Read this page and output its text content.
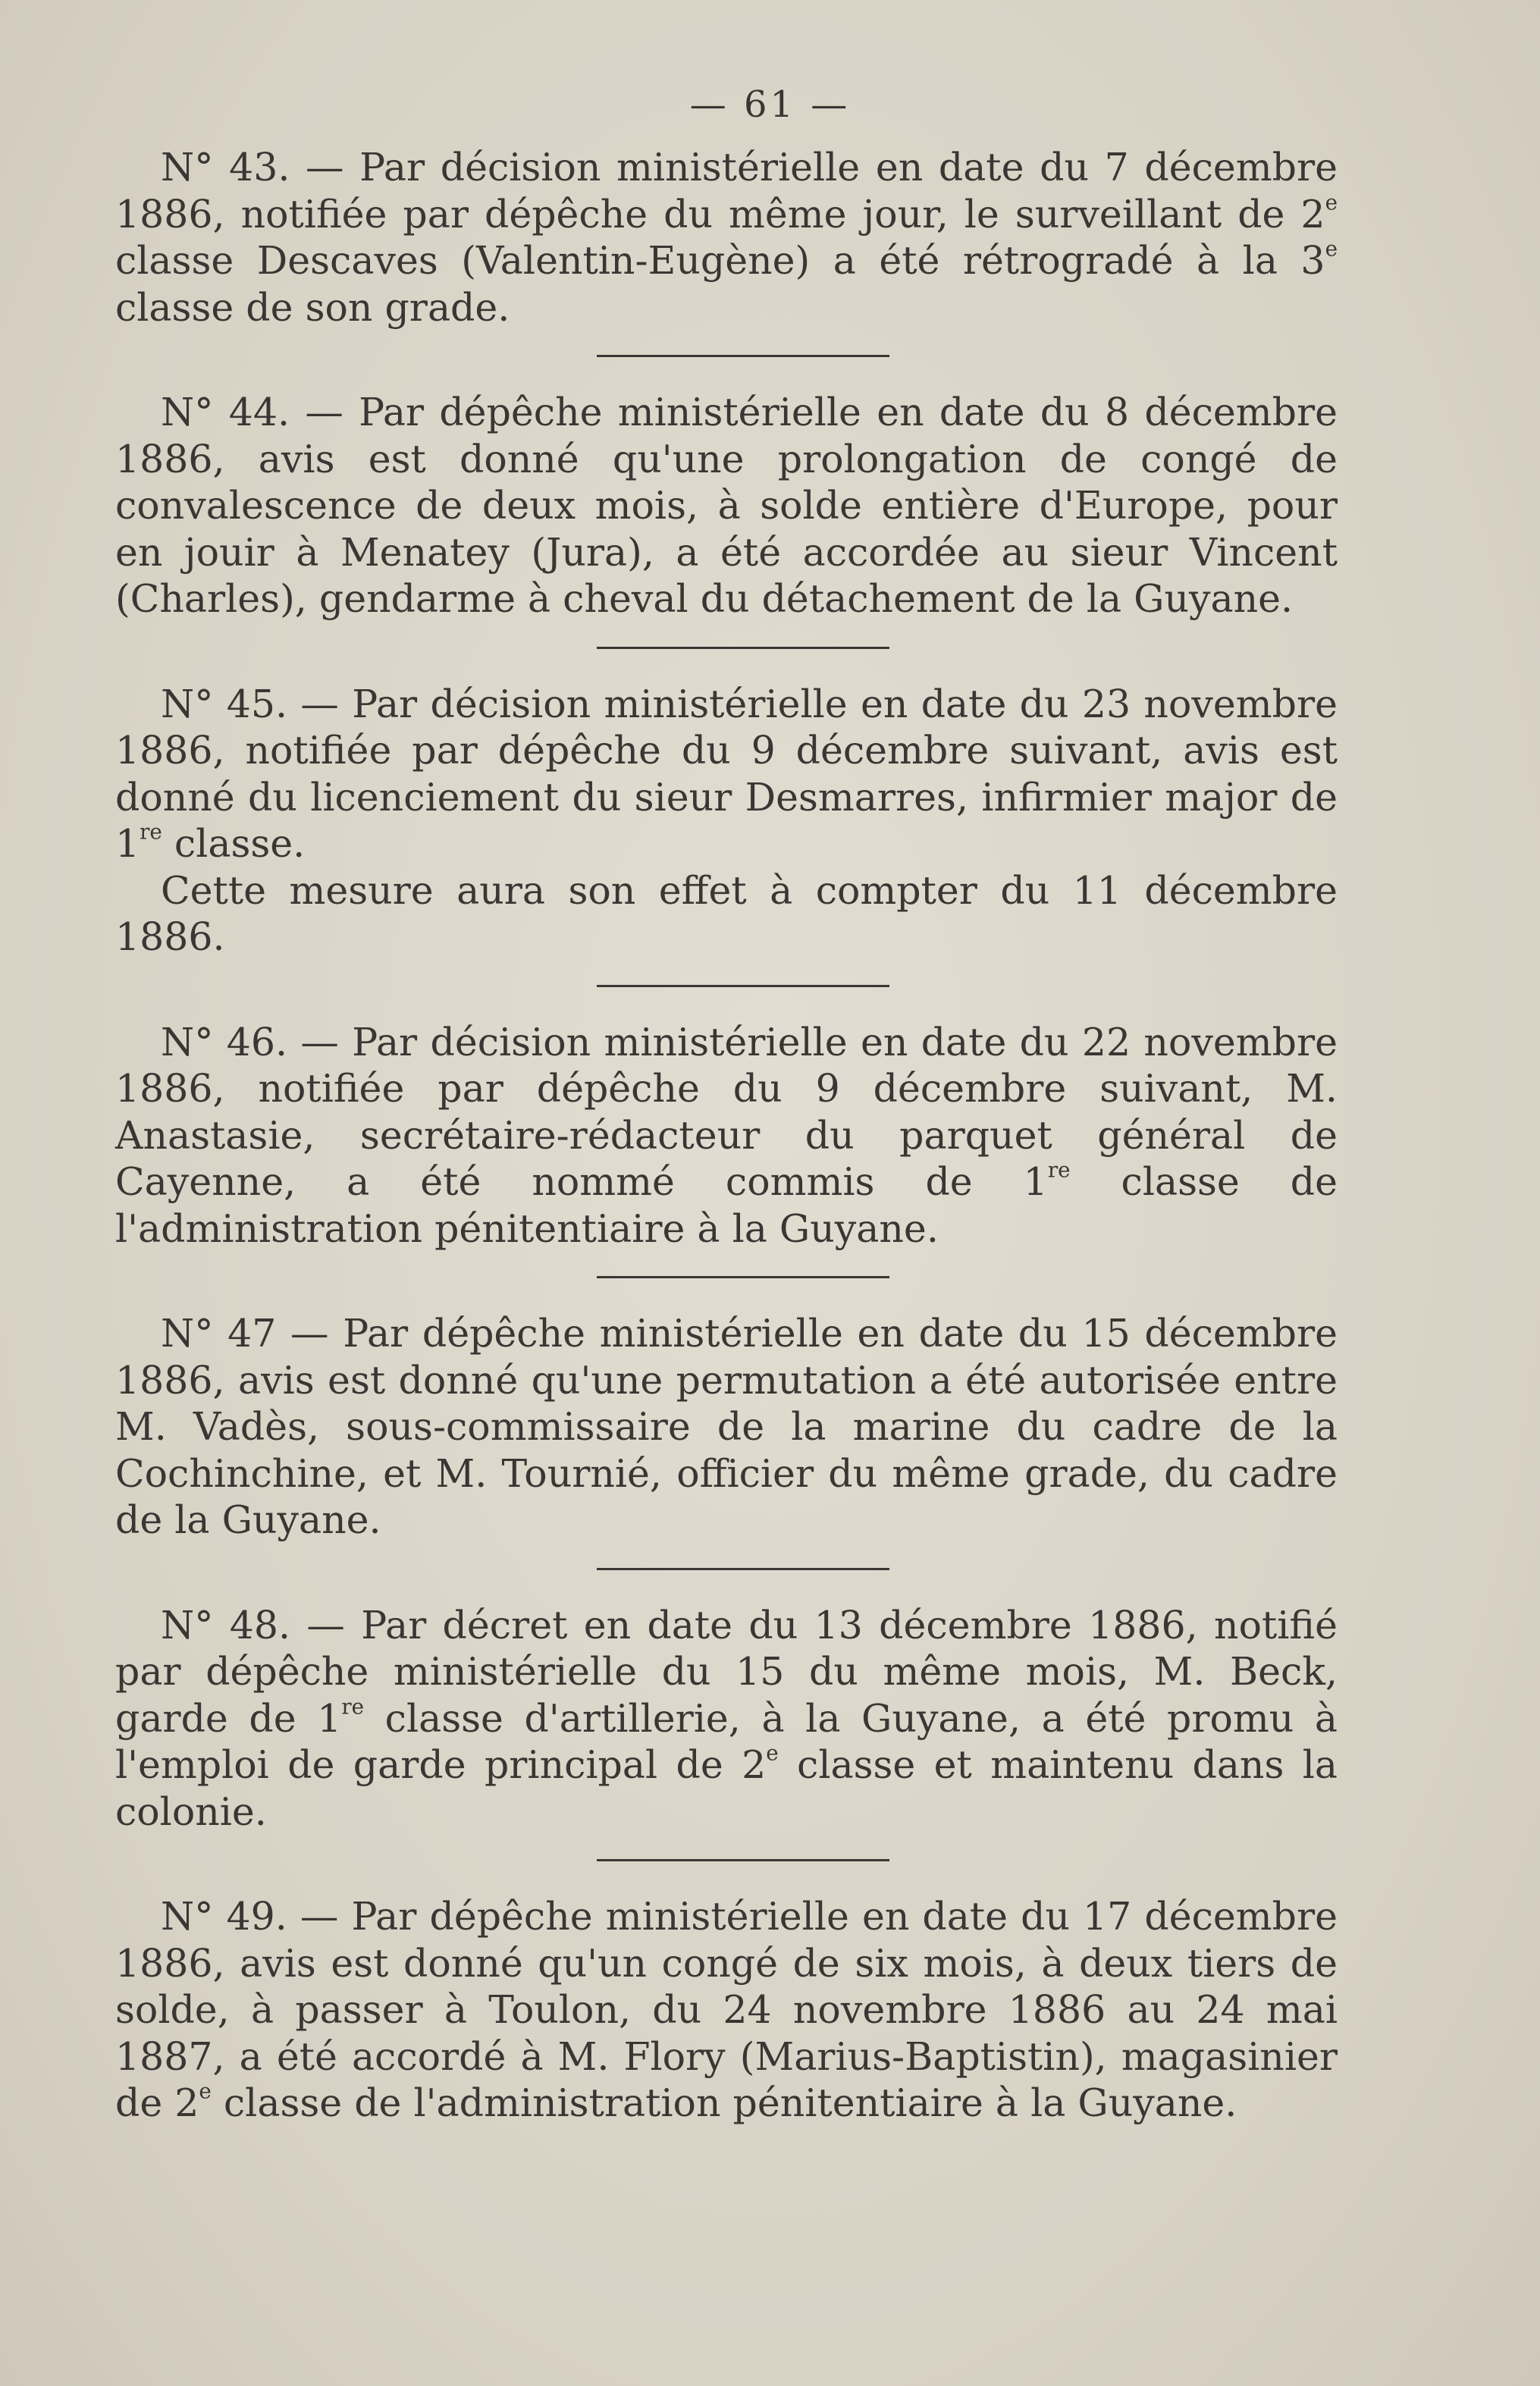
— 61 —

N° 43. — Par décision ministérielle en date du 7 décembre 1886, notifiée par dépêche du même jour, le surveillant de 2e classe Descaves (Valentin-Eugène) a été rétrogradé à la 3e classe de son grade.

N° 44. — Par dépêche ministérielle en date du 8 décembre 1886, avis est donné qu'une prolongation de congé de convalescence de deux mois, à solde entière d'Europe, pour en jouir à Menatey (Jura), a été accordée au sieur Vincent (Charles), gendarme à cheval du détachement de la Guyane.

N° 45. — Par décision ministérielle en date du 23 novembre 1886, notifiée par dépêche du 9 décembre suivant, avis est donné du licenciement du sieur Desmarres, infirmier major de 1re classe.

Cette mesure aura son effet à compter du 11 décembre 1886.

N° 46. — Par décision ministérielle en date du 22 novembre 1886, notifiée par dépêche du 9 décembre suivant, M. Anastasie, secrétaire-rédacteur du parquet général de Cayenne, a été nommé commis de 1re classe de l'administration pénitentiaire à la Guyane.

N° 47 — Par dépêche ministérielle en date du 15 décembre 1886, avis est donné qu'une permutation a été autorisée entre M. Vadès, sous-commissaire de la marine du cadre de la Cochinchine, et M. Tournié, officier du même grade, du cadre de la Guyane.

N° 48. — Par décret en date du 13 décembre 1886, notifié par dépêche ministérielle du 15 du même mois, M. Beck, garde de 1re classe d'artillerie, à la Guyane, a été promu à l'emploi de garde principal de 2e classe et maintenu dans la colonie.

N° 49. — Par dépêche ministérielle en date du 17 décembre 1886, avis est donné qu'un congé de six mois, à deux tiers de solde, à passer à Toulon, du 24 novembre 1886 au 24 mai 1887, a été accordé à M. Flory (Marius-Baptistin), magasinier de 2e classe de l'administration pénitentiaire à la Guyane.
